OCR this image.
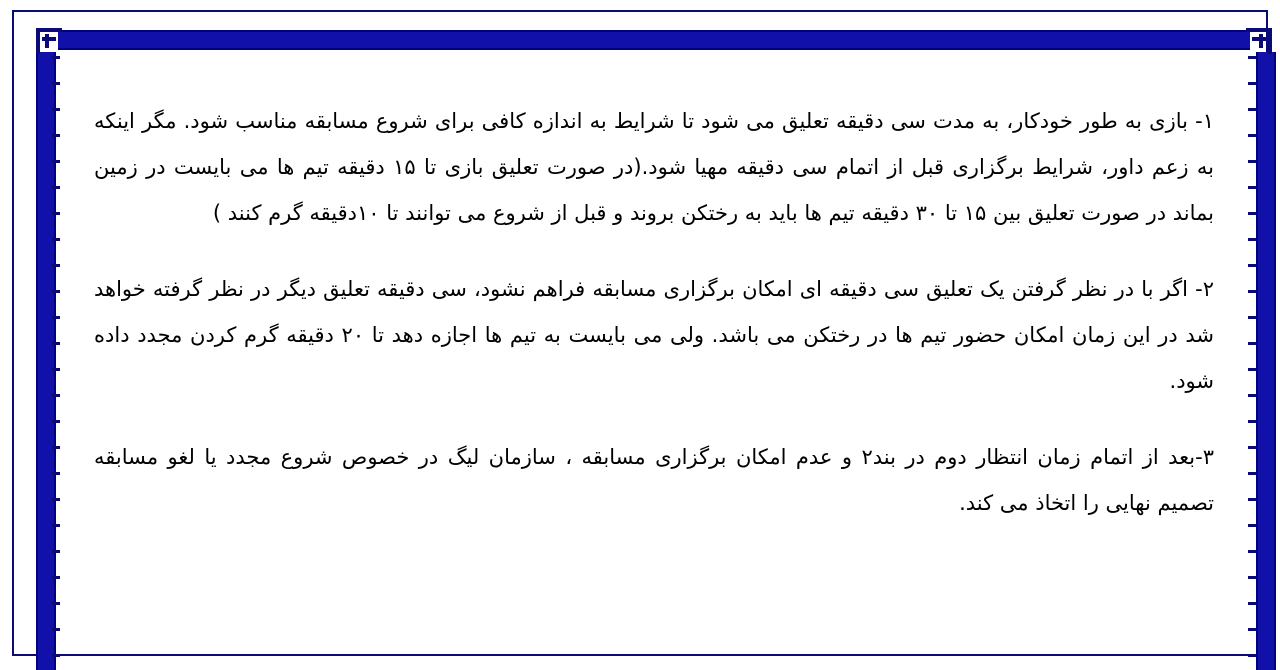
۱- بازی به طور خودکار، به مدت سی دقیقه تعلیق می شود تا شرایط به اندازه کافی برای شروع مسابقه مناسب شود. مگر اینکه به زعم داور، شرایط برگزاری قبل از اتمام سی دقیقه مهیا شود.(در صورت تعلیق بازی تا ۱۵ دقیقه تیم ها می بایست در زمین بماند در صورت تعلیق بین ۱۵ تا ۳۰ دقیقه تیم ها باید به رختکن بروند و قبل از شروع می توانند تا ۱۰دقیقه گرم کنند )

۲- اگر با در نظر گرفتن یک تعلیق سی دقیقه ای امکان برگزاری مسابقه فراهم نشود، سی دقیقه تعلیق دیگر در نظر گرفته خواهد شد در این زمان امکان حضور تیم ها در رختکن می باشد. ولی می بایست به تیم ها اجازه دهد تا ۲۰ دقیقه گرم کردن مجدد داده شود.

۳-بعد از اتمام زمان انتظار دوم در بند۲ و عدم امکان برگزاری مسابقه ، سازمان لیگ در خصوص شروع مجدد یا لغو مسابقه تصمیم نهایی را اتخاذ می کند.
